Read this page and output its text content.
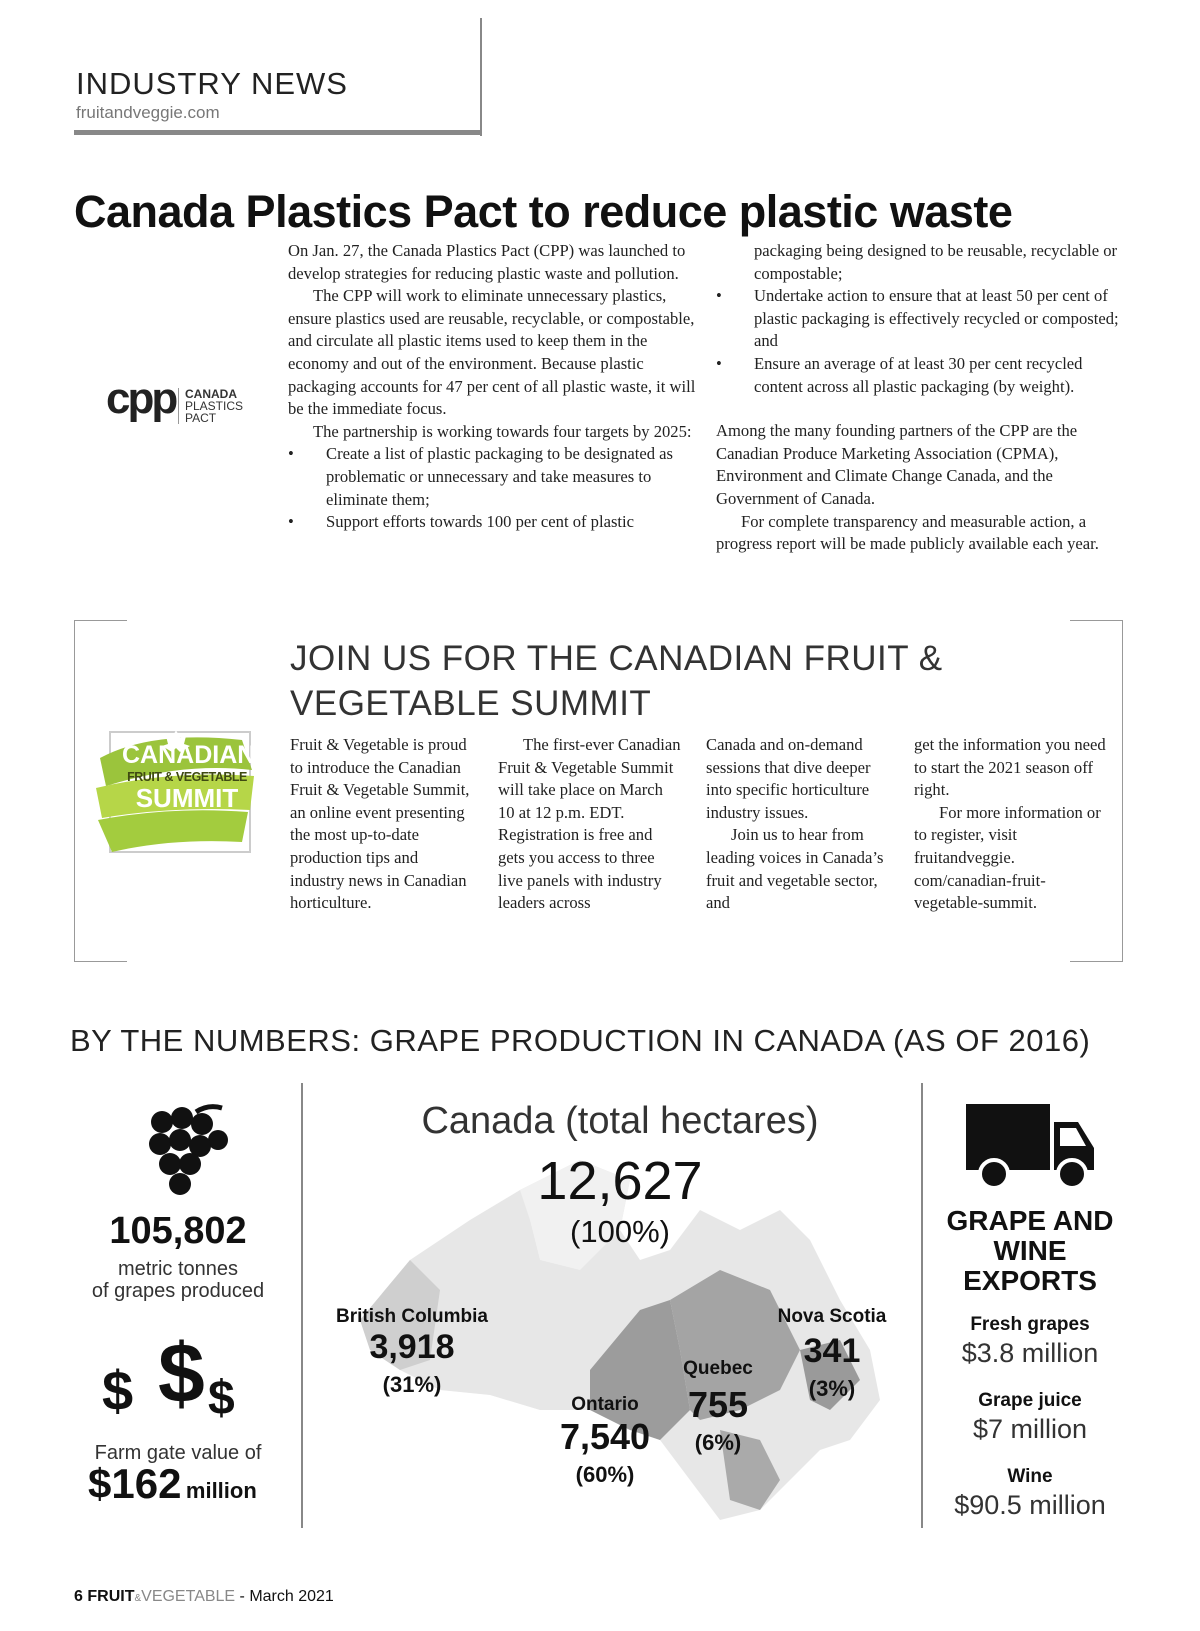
INDUSTRY NEWS
fruitandveggie.com
Canada Plastics Pact to reduce plastic waste
cpp CANADA
PLASTICS
PACT

On Jan. 27, the Canada Plastics Pact (CPP) was launched to develop strategies for reducing plastic waste and pollution.

The CPP will work to eliminate unnecessary plastics, ensure plastics used are reusable, recyclable, or compostable, and circulate all plastic items used to keep them in the economy and out of the environment. Because plastic packaging accounts for 47 per cent of all plastic waste, it will be the immediate focus.

The partnership is working towards four targets by 2025:

• Create a list of plastic packaging to be designated as problematic or unnecessary and take measures to eliminate them;
• Support efforts towards 100 per cent of plastic

packaging being designed to be reusable, recyclable or compostable;

• Undertake action to ensure that at least 50 per cent of plastic packaging is effectively recycled or composted; and
• Ensure an average of at least 30 per cent recycled content across all plastic packaging (by weight).

Among the many founding partners of the CPP are the Canadian Produce Marketing Association (CPMA), Environment and Climate Change Canada, and the Government of Canada.

For complete transparency and measurable action, a progress report will be made publicly available each year.

JOIN US FOR THE CANADIAN FRUIT &
VEGETABLE SUMMIT
CANADIAN
FRUIT & VEGETABLE
SUMMIT

Fruit & Vegetable is proud to introduce the Canadian Fruit & Vegetable Summit, an online event presenting the most up-to-date production tips and industry news in Canadian horticulture.

The first-ever Canadian Fruit & Vegetable Summit will take place on March 10 at 12 p.m. EDT. Registration is free and gets you access to three live panels with industry leaders across

Canada and on-demand sessions that dive deeper into specific horticulture industry issues.

Join us to hear from leading voices in Canada’s fruit and vegetable sector, and

get the information you need to start the 2021 season off right.

For more information or to register, visit fruitandveggie. com/canadian-fruit-vegetable-summit.

BY THE NUMBERS: GRAPE PRODUCTION IN CANADA (AS OF 2016)
105,802
metric tonnes
of grapes produced
$ $ $
Farm gate value of
$162 million
Canada (total hectares)
12,627
(100%)
British Columbia
3,918
(31%)
Ontario
7,540
(60%)
Quebec
755
(6%)
Nova Scotia
341
(3%)
GRAPE AND
WINE
EXPORTS
Fresh grapes
$3.8 million
Grape juice
$7 million
Wine
$90.5 million
6 FRUIT&VEGETABLE - March 2021
